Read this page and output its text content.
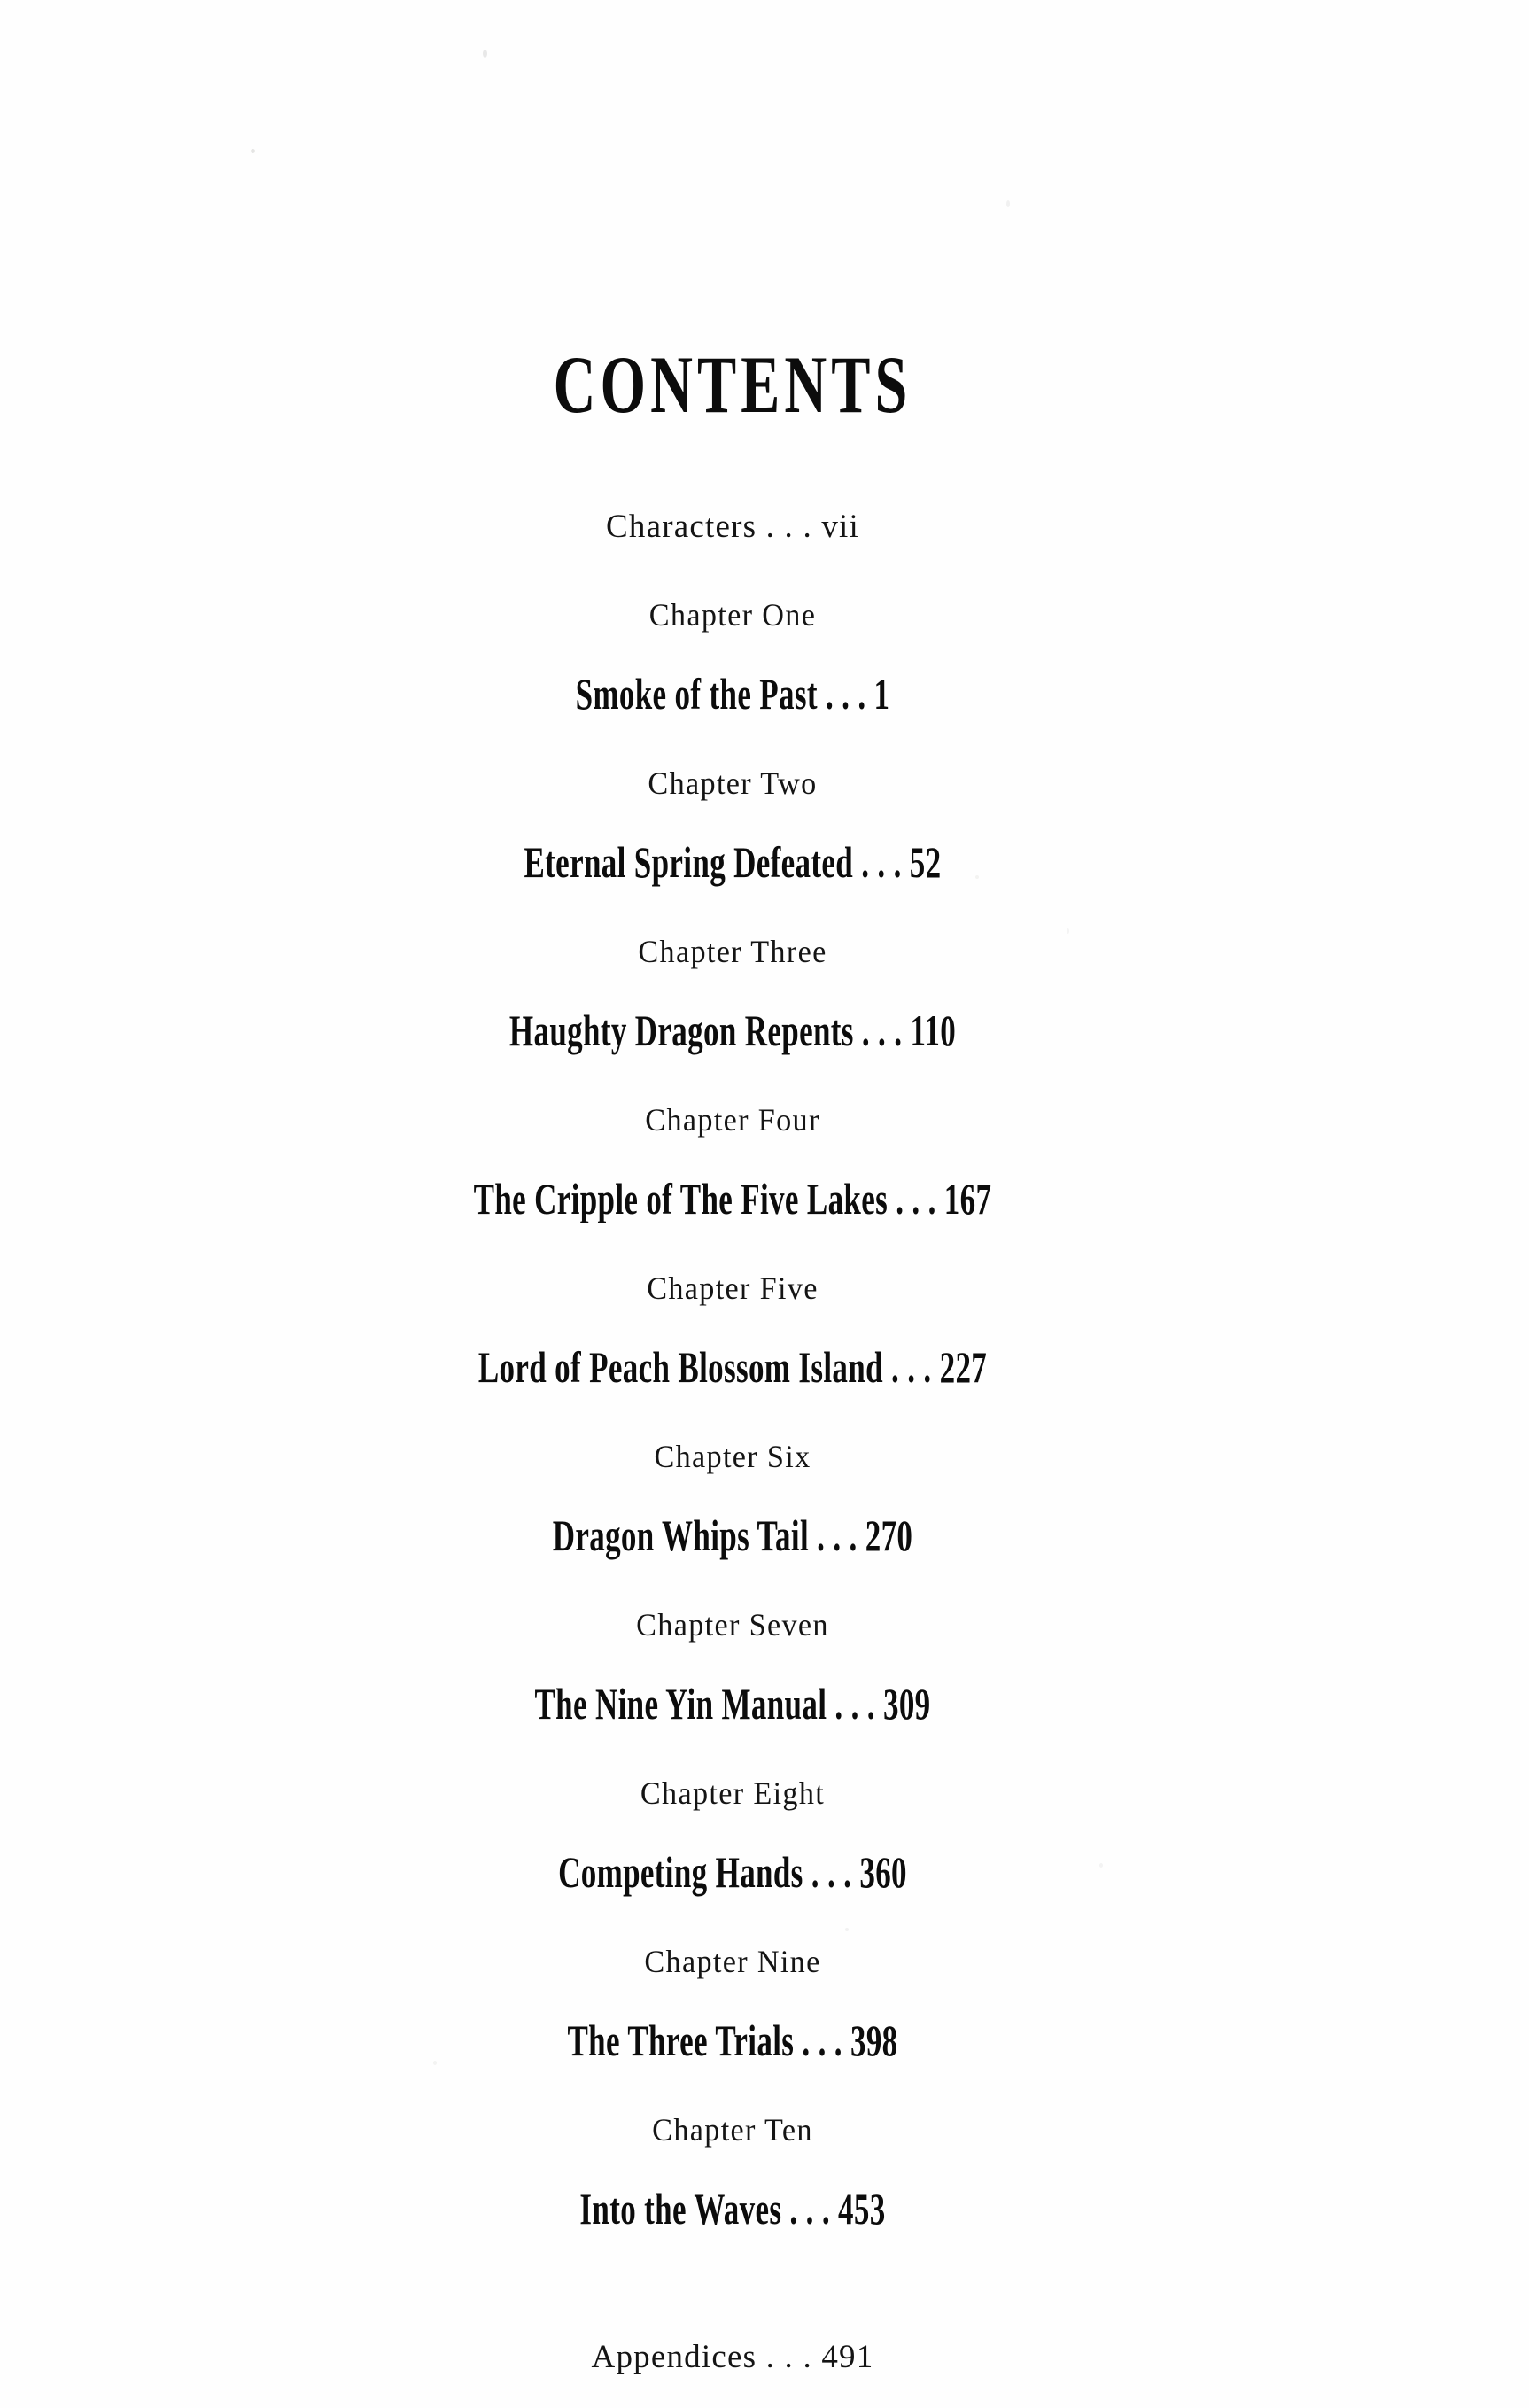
CONTENTS
Characters . . . vii
Chapter One
Smoke of the Past . . . 1
Chapter Two
Eternal Spring Defeated . . . 52
Chapter Three
Haughty Dragon Repents . . . 110
Chapter Four
The Cripple of The Five Lakes . . . 167
Chapter Five
Lord of Peach Blossom Island . . . 227
Chapter Six
Dragon Whips Tail . . . 270
Chapter Seven
The Nine Yin Manual . . . 309
Chapter Eight
Competing Hands . . . 360
Chapter Nine
The Three Trials . . . 398
Chapter Ten
Into the Waves . . . 453
Appendices . . . 491
